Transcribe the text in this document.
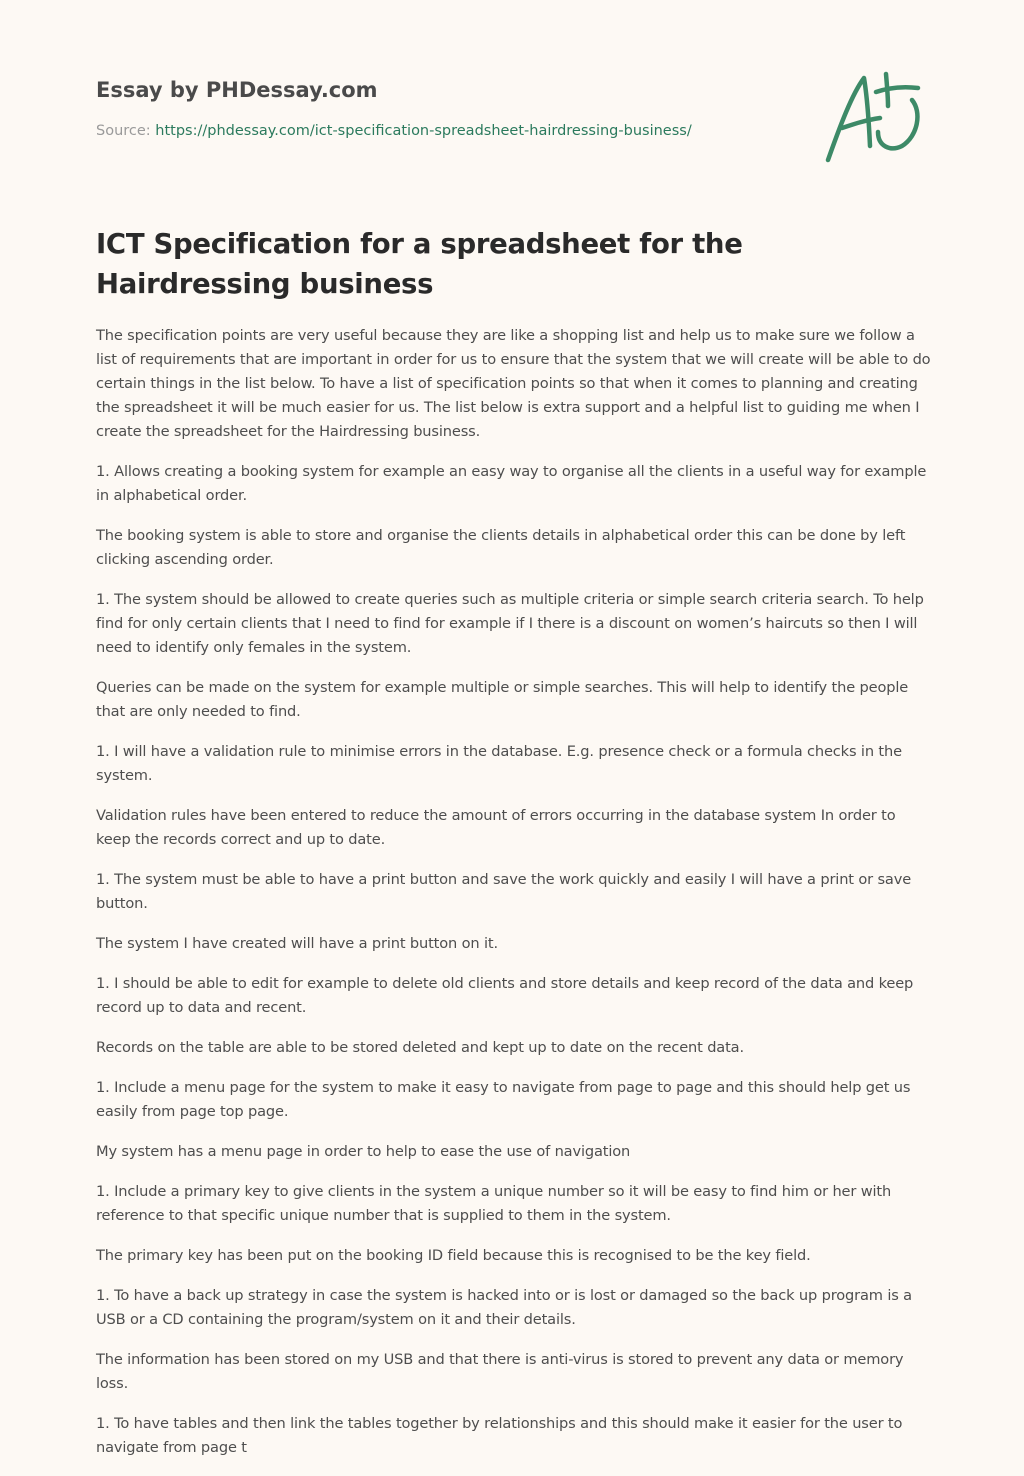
Essay by PHDessay.com
Source: https://phdessay.com/ict-specification-spreadsheet-hairdressing-business/
ICT Specification for a spreadsheet for the Hairdressing business

The specification points are very useful because they are like a shopping list and help us to make sure we follow a list of requirements that are important in order for us to ensure that the system that we will create will be able to do certain things in the list below. To have a list of specification points so that when it comes to planning and creating the spreadsheet it will be much easier for us. The list below is extra support and a helpful list to guiding me when I create the spreadsheet for the Hairdressing business.

1. Allows creating a booking system for example an easy way to organise all the clients in a useful way for example in alphabetical order.

The booking system is able to store and organise the clients details in alphabetical order this can be done by left clicking ascending order.

1. The system should be allowed to create queries such as multiple criteria or simple search criteria search. To help find for only certain clients that I need to find for example if I there is a discount on women’s haircuts so then I will need to identify only females in the system.

Queries can be made on the system for example multiple or simple searches. This will help to identify the people that are only needed to find.

1. I will have a validation rule to minimise errors in the database. E.g. presence check or a formula checks in the system.

Validation rules have been entered to reduce the amount of errors occurring in the database system In order to keep the records correct and up to date.

1. The system must be able to have a print button and save the work quickly and easily I will have a print or save button.

The system I have created will have a print button on it.

1. I should be able to edit for example to delete old clients and store details and keep record of the data and keep record up to data and recent.

Records on the table are able to be stored deleted and kept up to date on the recent data.

1. Include a menu page for the system to make it easy to navigate from page to page and this should help get us easily from page top page.

My system has a menu page in order to help to ease the use of navigation

1. Include a primary key to give clients in the system a unique number so it will be easy to find him or her with reference to that specific unique number that is supplied to them in the system.

The primary key has been put on the booking ID field because this is recognised to be the key field.

1. To have a back up strategy in case the system is hacked into or is lost or damaged so the back up program is a USB or a CD containing the program/system on it and their details.

The information has been stored on my USB and that there is anti-virus is stored to prevent any data or memory loss.

1. To have tables and then link the tables together by relationships and this should make it easier for the user to navigate from page t
